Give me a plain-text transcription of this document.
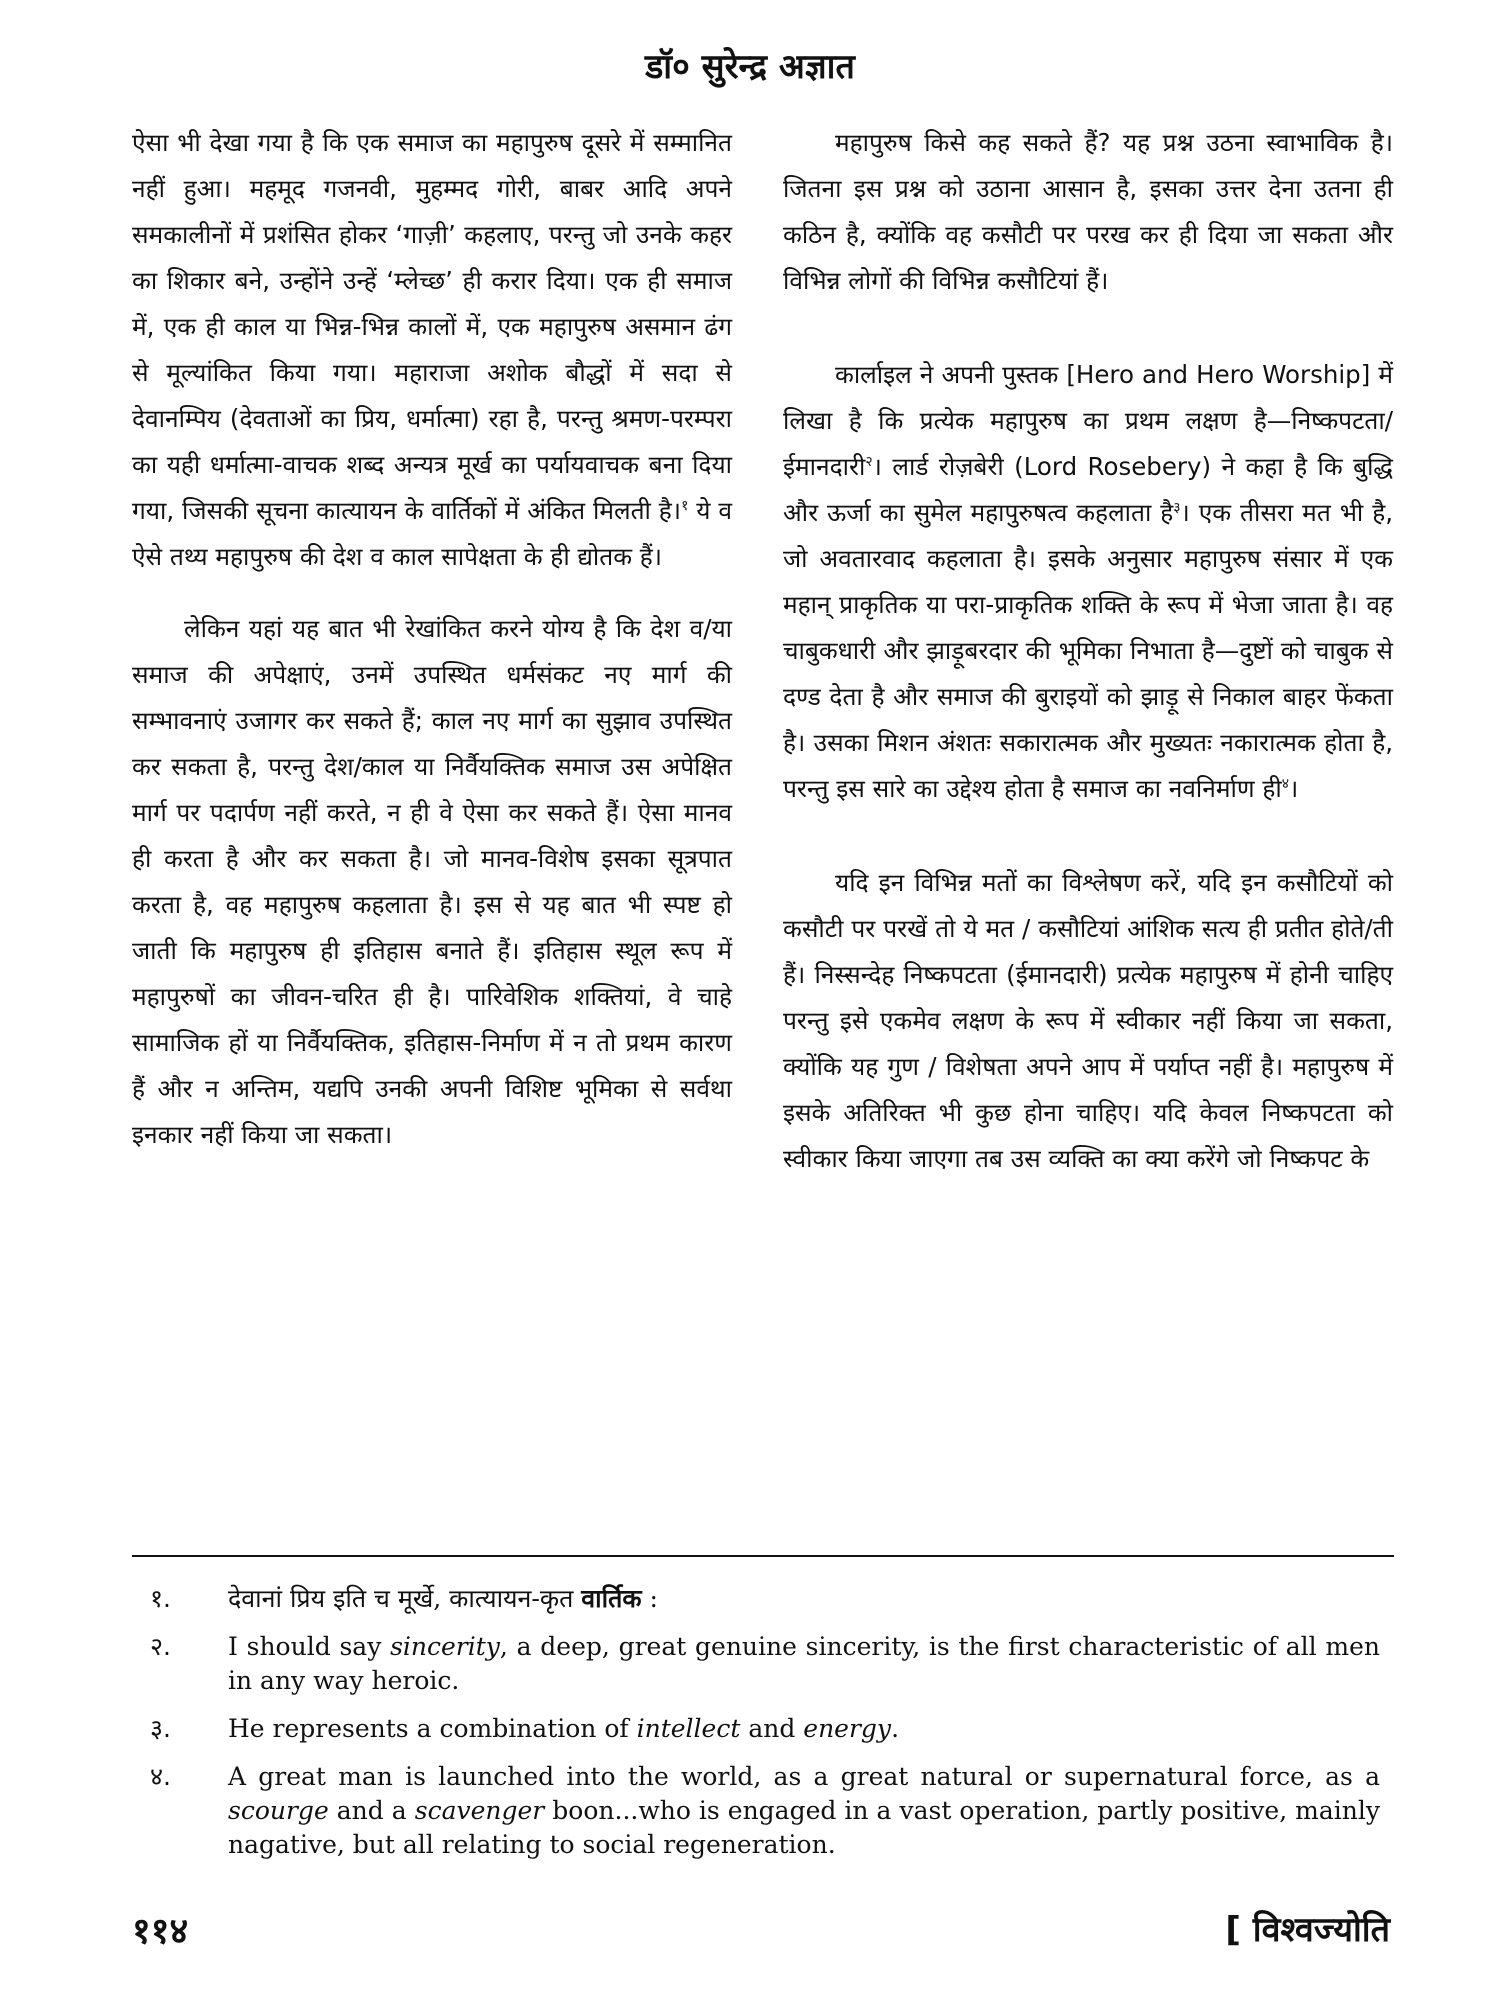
डॉ० सुरेन्द्र अज्ञात

ऐसा भी देखा गया है कि एक समाज का महापुरुष दूसरे में सम्मानित नहीं हुआ। महमूद गजनवी, मुहम्मद गोरी, बाबर आदि अपने समकालीनों में प्रशंसित होकर ‘गाज़ी’ कहलाए, परन्तु जो उनके कहर का शिकार बने, उन्होंने उन्हें ‘म्लेच्छ’ ही करार दिया। एक ही समाज में, एक ही काल या भिन्न-भिन्न कालों में, एक महापुरुष असमान ढंग से मूल्यांकित किया गया। महाराजा अशोक बौद्धों में सदा से देवानम्पिय (देवताओं का प्रिय, धर्मात्मा) रहा है, परन्तु श्रमण-परम्परा का यही धर्मात्मा-वाचक शब्द अन्यत्र मूर्ख का पर्यायवाचक बना दिया गया, जिसकी सूचना कात्यायन के वार्तिकों में अंकित मिलती है।$^१$ ये व ऐसे तथ्य महापुरुष की देश व काल सापेक्षता के ही द्योतक हैं।

लेकिन यहां यह बात भी रेखांकित करने योग्य है कि देश व/या समाज की अपेक्षाएं, उनमें उपस्थित धर्मसंकट नए मार्ग की सम्भावनाएं उजागर कर सकते हैं; काल नए मार्ग का सुझाव उपस्थित कर सकता है, परन्तु देश/काल या निर्वैयक्तिक समाज उस अपेक्षित मार्ग पर पदार्पण नहीं करते, न ही वे ऐसा कर सकते हैं। ऐसा मानव ही करता है और कर सकता है। जो मानव-विशेष इसका सूत्रपात करता है, वह महापुरुष कहलाता है। इस से यह बात भी स्पष्ट हो जाती कि महापुरुष ही इतिहास बनाते हैं। इतिहास स्थूल रूप में महापुरुषों का जीवन-चरित ही है। पारिवेशिक शक्तियां, वे चाहे सामाजिक हों या निर्वैयक्तिक, इतिहास-निर्माण में न तो प्रथम कारण हैं और न अन्तिम, यद्यपि उनकी अपनी विशिष्ट भूमिका से सर्वथा इनकार नहीं किया जा सकता।

महापुरुष किसे कह सकते हैं? यह प्रश्न उठना स्वाभाविक है। जितना इस प्रश्न को उठाना आसान है, इसका उत्तर देना उतना ही कठिन है, क्योंकि वह कसौटी पर परख कर ही दिया जा सकता और विभिन्न लोगों की विभिन्न कसौटियां हैं।

कार्लाइल ने अपनी पुस्तक [Hero and Hero Worship] में लिखा है कि प्रत्येक महापुरुष का प्रथम लक्षण है—निष्कपटता/ईमानदारी$^२$। लार्ड रोज़बेरी (Lord Rosebery) ने कहा है कि बुद्धि और ऊर्जा का सुमेल महापुरुषत्व कहलाता है$^३$। एक तीसरा मत भी है, जो अवतारवाद कहलाता है। इसके अनुसार महापुरुष संसार में एक महान् प्राकृतिक या परा-प्राकृतिक शक्ति के रूप में भेजा जाता है। वह चाबुकधारी और झाड़ूबरदार की भूमिका निभाता है—दुष्टों को चाबुक से दण्ड देता है और समाज की बुराइयों को झाड़ू से निकाल बाहर फेंकता है। उसका मिशन अंशतः सकारात्मक और मुख्यतः नकारात्मक होता है, परन्तु इस सारे का उद्देश्य होता है समाज का नवनिर्माण ही$^४$।

यदि इन विभिन्न मतों का विश्लेषण करें, यदि इन कसौटियों को कसौटी पर परखें तो ये मत / कसौटियां आंशिक सत्य ही प्रतीत होते/ती हैं। निस्सन्देह निष्कपटता (ईमानदारी) प्रत्येक महापुरुष में होनी चाहिए परन्तु इसे एकमेव लक्षण के रूप में स्वीकार नहीं किया जा सकता, क्योंकि यह गुण / विशेषता अपने आप में पर्याप्त नहीं है। महापुरुष में इसके अतिरिक्त भी कुछ होना चाहिए। यदि केवल निष्कपटता को स्वीकार किया जाएगा तब उस व्यक्ति का क्या करेंगे जो निष्कपट के

१.	देवानां प्रिय इति च मूर्खे, कात्यायन-कृत वार्तिक :
२.	I should say sincerity, a deep, great genuine sincerity, is the first characteristic of all men in any way heroic.
३.	He represents a combination of intellect and energy.
४.	A great man is launched into the world, as a great natural or supernatural force, as a scourge and a scavenger boon...who is engaged in a vast operation, partly positive, mainly nagative, but all relating to social regeneration.
११४	[ विश्वज्योति
